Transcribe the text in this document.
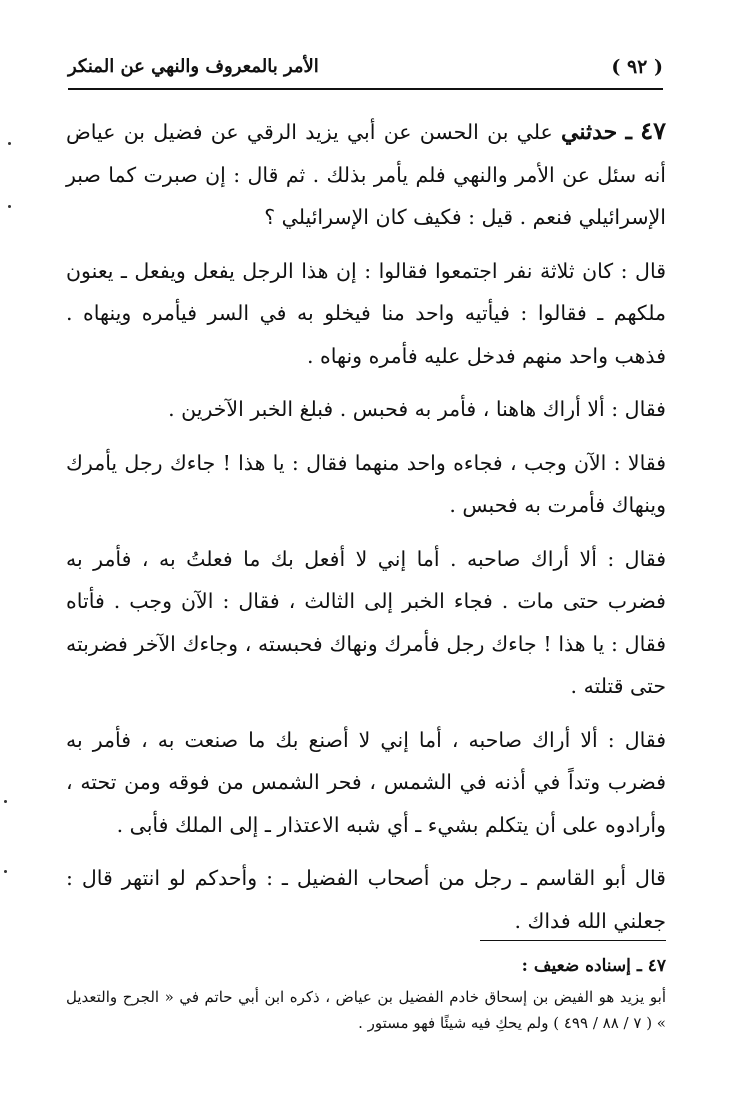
( ٩٢ )
الأمر بالمعروف والنهي عن المنكر

٤٧ ـ حدثني علي بن الحسن عن أبي يزيد الرقي عن فضيل بن عياض أنه سئل عن الأمر والنهي فلم يأمر بذلك . ثم قال : إن صبرت كما صبر الإسرائيلي فنعم . قيل : فكيف كان الإسرائيلي ؟

قال : كان ثلاثة نفر اجتمعوا فقالوا : إن هذا الرجل يفعل ويفعل ـ يعنون ملكهم ـ فقالوا : فيأتيه واحد منا فيخلو به في السر فيأمره وينهاه . فذهب واحد منهم فدخل عليه فأمره ونهاه .

فقال : ألا أراك هاهنا ، فأمر به فحبس . فبلغ الخبر الآخرين .

فقالا : الآن وجب ، فجاءه واحد منهما فقال : يا هذا ! جاءك رجل يأمرك وينهاك فأمرت به فحبس .

فقال : ألا أراك صاحبه . أما إني لا أفعل بك ما فعلتُ به ، فأمر به فضرب حتى مات . فجاء الخبر إلى الثالث ، فقال : الآن وجب . فأتاه فقال : يا هذا ! جاءك رجل فأمرك ونهاك فحبسته ، وجاءك الآخر فضربته حتى قتلته .

فقال : ألا أراك صاحبه ، أما إني لا أصنع بك ما صنعت به ، فأمر به فضرب وتداً في أذنه في الشمس ، فحر الشمس من فوقه ومن تحته ، وأرادوه على أن يتكلم بشيء ـ أي شبه الاعتذار ـ إلى الملك فأبى .

قال أبو القاسم ـ رجل من أصحاب الفضيل ـ : وأحدكم لو انتهر قال : جعلني الله فداك .

٤٧ ـ إسناده ضعيف :

أبو يزيد هو الفيض بن إسحاق خادم الفضيل بن عياض ، ذكره ابن أبي حاتم في « الجرح والتعديل » ( ٧ / ٨٨ / ٤٩٩ ) ولم يحكِ فيه شيئًا فهو مستور .
